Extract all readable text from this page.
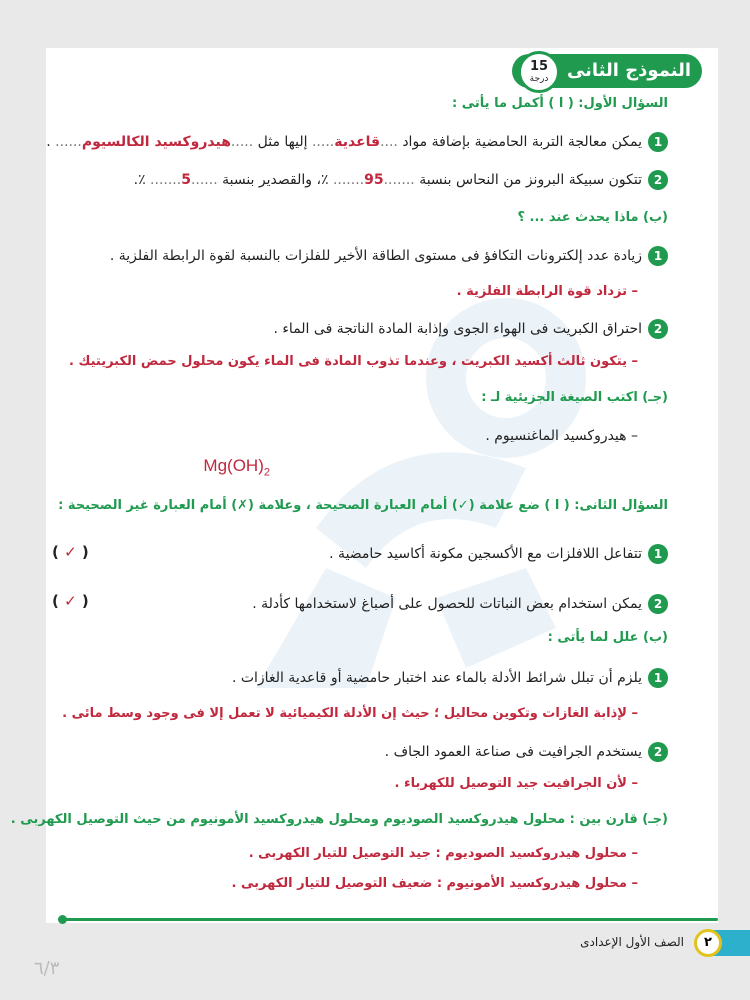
النموذج الثانى
15
درجة
السؤال الأول: ( ا ) أكمل ما يأتى :
1يمكن معالجة التربة الحامضية بإضافة مواد ....قاعدية..... إليها مثل .....هيدروكسيد الكالسيوم...... .
2تتكون سبيكة البرونز من النحاس بنسبة .......95....... ٪، والقصدير بنسبة ......5....... ٪.
(ب) ماذا يحدث عند ... ؟
1زيادة عدد إلكترونات التكافؤ فى مستوى الطاقة الأخير للفلزات بالنسبة لقوة الرابطة الفلزية .
– تزداد قوة الرابطة الفلزية .
2احتراق الكبريت فى الهواء الجوى وإذابة المادة الناتجة فى الماء .
– يتكون ثالث أكسيد الكبريت ، وعندما تذوب المادة فى الماء يكون محلول حمض الكبريتيك .
(جـ) اكتب الصيغة الجزيئية لـ :
– هيدروكسيد الماغنسيوم .
$Mg(OH)_2$
السؤال الثانى: ( ا ) ضع علامة (✓) أمام العبارة الصحيحة ، وعلامة (✗) أمام العبارة غير الصحيحة :
1تتفاعل اللافلزات مع الأكسجين مكونة أكاسيد حامضية .
( ✓ )
2يمكن استخدام بعض النباتات للحصول على أصباغ لاستخدامها كأدلة .
( ✓ )
(ب) علل لما يأتى :
1يلزم أن تبلل شرائط الأدلة بالماء عند اختبار حامضية أو قاعدية الغازات .
– لإذابة الغازات وتكوين محاليل ؛ حيث إن الأدلة الكيميائية لا تعمل إلا فى وجود وسط مائى .
2يستخدم الجرافيت فى صناعة العمود الجاف .
– لأن الجرافيت جيد التوصيل للكهرباء .
(جـ) قارن بين : محلول هيدروكسيد الصوديوم ومحلول هيدروكسيد الأمونيوم من حيث التوصيل الكهربى .
– محلول هيدروكسيد الصوديوم : جيد التوصيل للتيار الكهربى .
– محلول هيدروكسيد الأمونيوم : ضعيف التوصيل للتيار الكهربى .
٢
الصف الأول الإعدادى
٦/٣
